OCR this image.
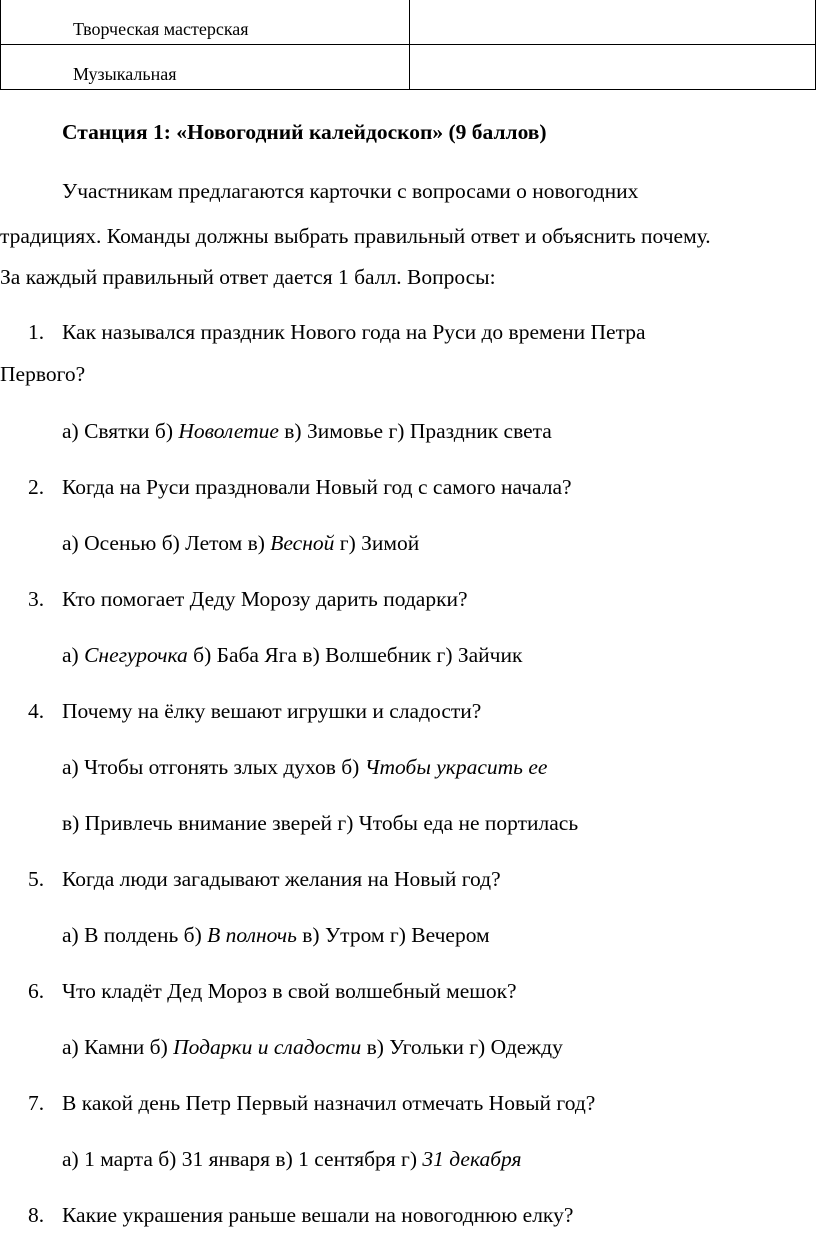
Творческая мастерская	

Музыкальная	

Станция 1: «Новогодний калейдоскоп» (9 баллов)
Участникам предлагаются карточки с вопросами о новогодних
традициях. Команды должны выбрать правильный ответ и объяснить почему.
За каждый правильный ответ дается 1 балл. Вопросы:
1. Как назывался праздник Нового года на Руси до времени Петра
Первого?
а) Святки б) Новолетие в) Зимовье г) Праздник света
2. Когда на Руси праздновали Новый год с самого начала?
а) Осенью б) Летом в) Весной г) Зимой
3. Кто помогает Деду Морозу дарить подарки?
а) Снегурочка б) Баба Яга в) Волшебник г) Зайчик
4. Почему на ёлку вешают игрушки и сладости?
а) Чтобы отгонять злых духов б) Чтобы украсить ее
в) Привлечь внимание зверей г) Чтобы еда не портилась
5. Когда люди загадывают желания на Новый год?
а) В полдень б) В полночь в) Утром г) Вечером
6. Что кладёт Дед Мороз в свой волшебный мешок?
а) Камни б) Подарки и сладости в) Угольки г) Одежду
7. В какой день Петр Первый назначил отмечать Новый год?
а) 1 марта б) 31 января в) 1 сентября г) 31 декабря
8. Какие украшения раньше вешали на новогоднюю елку?
